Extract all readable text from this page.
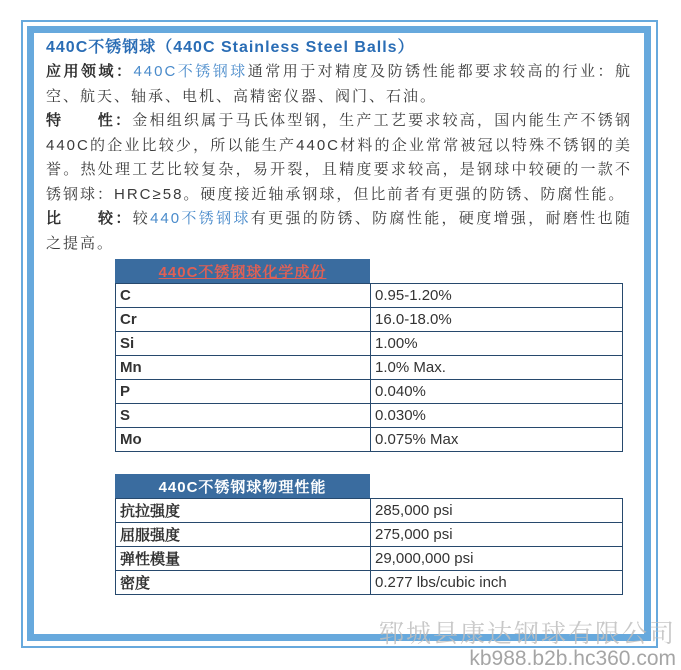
440C不锈钢球（440C Stainless Steel Balls）

应用领域：440C不锈钢球通常用于对精度及防锈性能都要求较高的行业：航空、航天、轴承、电机、高精密仪器、阀门、石油。

特　　性：金相组织属于马氏体型钢，生产工艺要求较高，国内能生产不锈钢440C的企业比较少，所以能生产440C材料的企业常常被冠以特殊不锈钢的美誉。热处理工艺比较复杂，易开裂，且精度要求较高，是钢球中较硬的一款不锈钢球：HRC≥58。硬度接近轴承钢球，但比前者有更强的防锈、防腐性能。

比　　较：较440不锈钢球有更强的防锈、防腐性能，硬度增强，耐磨性也随之提高。

440C不锈钢球化学成份
C	0.95-1.20%
Cr	16.0-18.0%
Si	1.00%
Mn	1.0% Max.
P	0.040%
S	0.030%
Mo	0.075% Max
440C不锈钢球物理性能
抗拉强度	285,000 psi
屈服强度	275,000 psi
弹性模量	29,000,000 psi
密度	0.277 lbs/cubic inch
郓城县康达钢球有限公司
kb988.b2b.hc360.com
